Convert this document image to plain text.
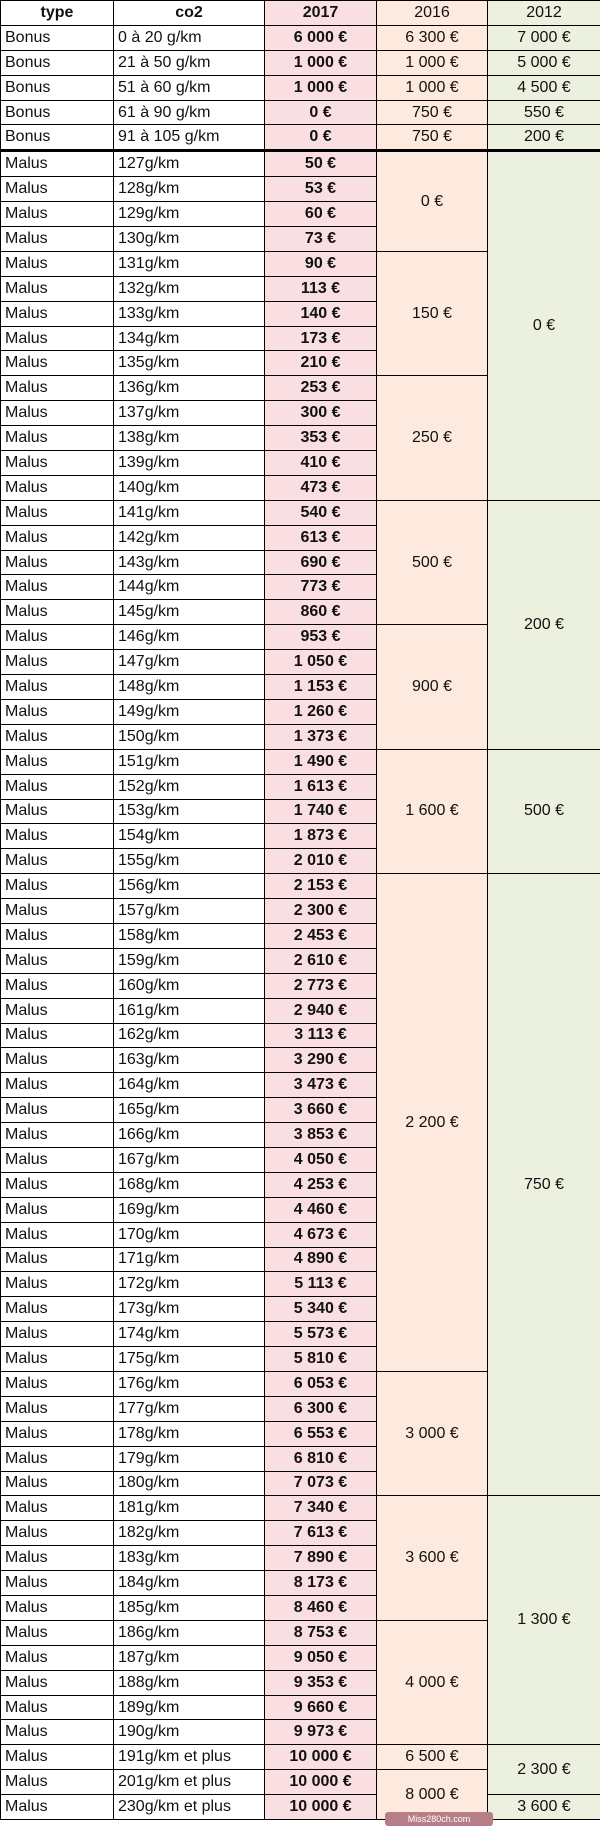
type	co2	2017	2016	2012
Bonus	0 à 20 g/km	6 000 €	6 300 €	7 000 €
Bonus	21 à 50 g/km	1 000 €	1 000 €	5 000 €
Bonus	51 à 60 g/km	1 000 €	1 000 €	4 500 €
Bonus	61 à 90 g/km	0 €	750 €	550 €
Bonus	91 à 105 g/km	0 €	750 €	200 €
Malus	127g/km	50 €	0 €	0 €
Malus	128g/km	53 €		
Malus	129g/km	60 €		
Malus	130g/km	73 €		
Malus	131g/km	90 €	150 €	
Malus	132g/km	113 €		
Malus	133g/km	140 €		
Malus	134g/km	173 €		
Malus	135g/km	210 €		
Malus	136g/km	253 €	250 €	
Malus	137g/km	300 €		
Malus	138g/km	353 €		
Malus	139g/km	410 €		
Malus	140g/km	473 €		
Malus	141g/km	540 €	500 €	200 €
Malus	142g/km	613 €		
Malus	143g/km	690 €		
Malus	144g/km	773 €		
Malus	145g/km	860 €		
Malus	146g/km	953 €	900 €	
Malus	147g/km	1 050 €		
Malus	148g/km	1 153 €		
Malus	149g/km	1 260 €		
Malus	150g/km	1 373 €		
Malus	151g/km	1 490 €	1 600 €	500 €
Malus	152g/km	1 613 €		
Malus	153g/km	1 740 €		
Malus	154g/km	1 873 €		
Malus	155g/km	2 010 €		
Malus	156g/km	2 153 €	2 200 €	750 €
Malus	157g/km	2 300 €		
Malus	158g/km	2 453 €		
Malus	159g/km	2 610 €		
Malus	160g/km	2 773 €		
Malus	161g/km	2 940 €		
Malus	162g/km	3 113 €		
Malus	163g/km	3 290 €		
Malus	164g/km	3 473 €		
Malus	165g/km	3 660 €		
Malus	166g/km	3 853 €		
Malus	167g/km	4 050 €		
Malus	168g/km	4 253 €		
Malus	169g/km	4 460 €		
Malus	170g/km	4 673 €		
Malus	171g/km	4 890 €		
Malus	172g/km	5 113 €		
Malus	173g/km	5 340 €		
Malus	174g/km	5 573 €		
Malus	175g/km	5 810 €		
Malus	176g/km	6 053 €	3 000 €	
Malus	177g/km	6 300 €		
Malus	178g/km	6 553 €		
Malus	179g/km	6 810 €		
Malus	180g/km	7 073 €		
Malus	181g/km	7 340 €	3 600 €	1 300 €
Malus	182g/km	7 613 €		
Malus	183g/km	7 890 €		
Malus	184g/km	8 173 €		
Malus	185g/km	8 460 €		
Malus	186g/km	8 753 €	4 000 €	
Malus	187g/km	9 050 €		
Malus	188g/km	9 353 €		
Malus	189g/km	9 660 €		
Malus	190g/km	9 973 €		
Malus	191g/km et plus	10 000 €	6 500 €	2 300 €
Malus	201g/km et plus	10 000 €	8 000 €	
Malus	230g/km et plus	10 000 €		3 600 €
Miss280ch.com
